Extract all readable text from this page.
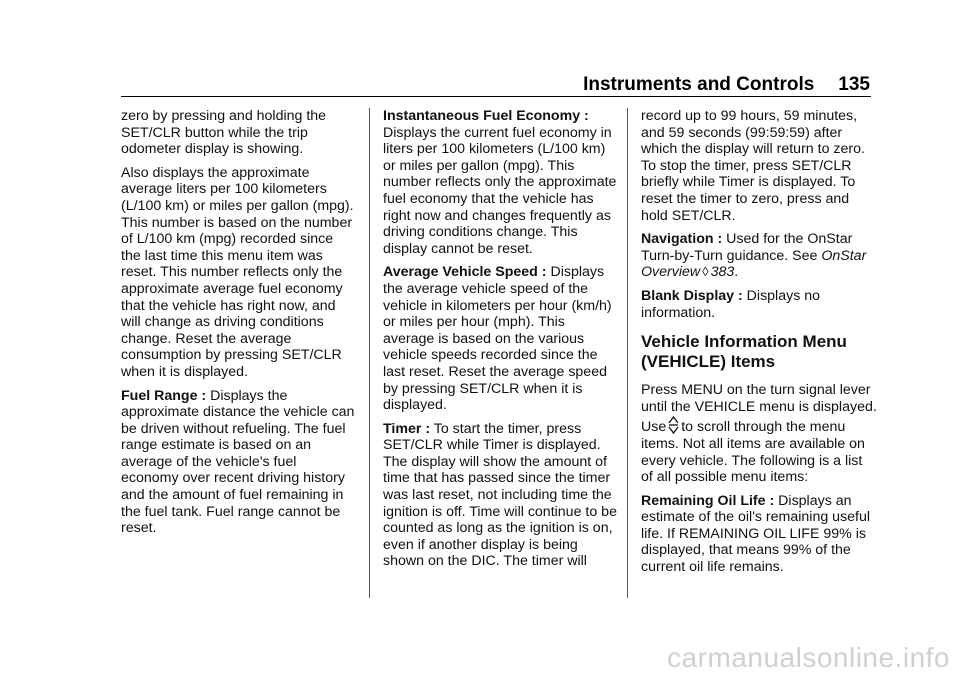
Instruments and Controls 135

zero by pressing and holding the SET/CLR button while the trip odometer display is showing.

Also displays the approximate average liters per 100 kilometers (L/100 km) or miles per gallon (mpg). This number is based on the number of L/100 km (mpg) recorded since the last time this menu item was reset. This number reflects only the approximate average fuel economy that the vehicle has right now, and will change as driving conditions change. Reset the average consumption by pressing SET/CLR when it is displayed.

Fuel Range : Displays the approximate distance the vehicle can be driven without refueling. The fuel range estimate is based on an average of the vehicle's fuel economy over recent driving history and the amount of fuel remaining in the fuel tank. Fuel range cannot be reset.

Instantaneous Fuel Economy : Displays the current fuel economy in liters per 100 kilometers (L/100 km) or miles per gallon (mpg). This number reflects only the approximate fuel economy that the vehicle has right now and changes frequently as driving conditions change. This display cannot be reset.

Average Vehicle Speed : Displays the average vehicle speed of the vehicle in kilometers per hour (km/h) or miles per hour (mph). This average is based on the various vehicle speeds recorded since the last reset. Reset the average speed by pressing SET/CLR when it is displayed.

Timer : To start the timer, press SET/CLR while Timer is displayed. The display will show the amount of time that has passed since the timer was last reset, not including time the ignition is off. Time will continue to be counted as long as the ignition is on, even if another display is being shown on the DIC. The timer will

record up to 99 hours, 59 minutes, and 59 seconds (99:59:59) after which the display will return to zero. To stop the timer, press SET/CLR briefly while Timer is displayed. To reset the timer to zero, press and hold SET/CLR.

Navigation : Used for the OnStar Turn-by-Turn guidance. See OnStar Overview ◊ 383.

Blank Display : Displays no information.

Vehicle Information Menu (VEHICLE) Items

Press MENU on the turn signal lever until the VEHICLE menu is displayed. Use to scroll through the menu items. Not all items are available on every vehicle. The following is a list of all possible menu items:

Remaining Oil Life : Displays an estimate of the oil's remaining useful life. If REMAINING OIL LIFE 99% is displayed, that means 99% of the current oil life remains.

carmanualsonline.info
